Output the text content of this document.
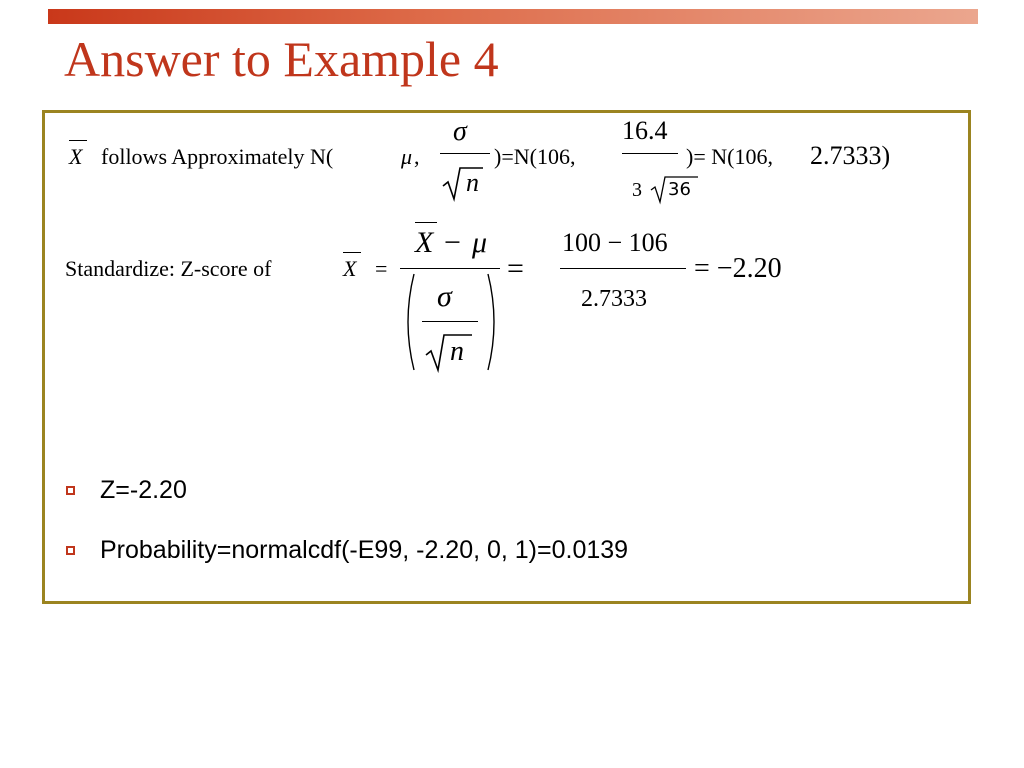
Answer to Example 4
X follows Approximately N(	μ ,
σ
n
)=N(106,
16.4
3 36
)= N(106, 2.7333)
Standardize: Z-score of	X =
X − μ
σ
n
=
100 − 106
2.7333
= −2.20
Z=-2.20
Probability=normalcdf(-E99, -2.20, 0, 1)=0.0139
